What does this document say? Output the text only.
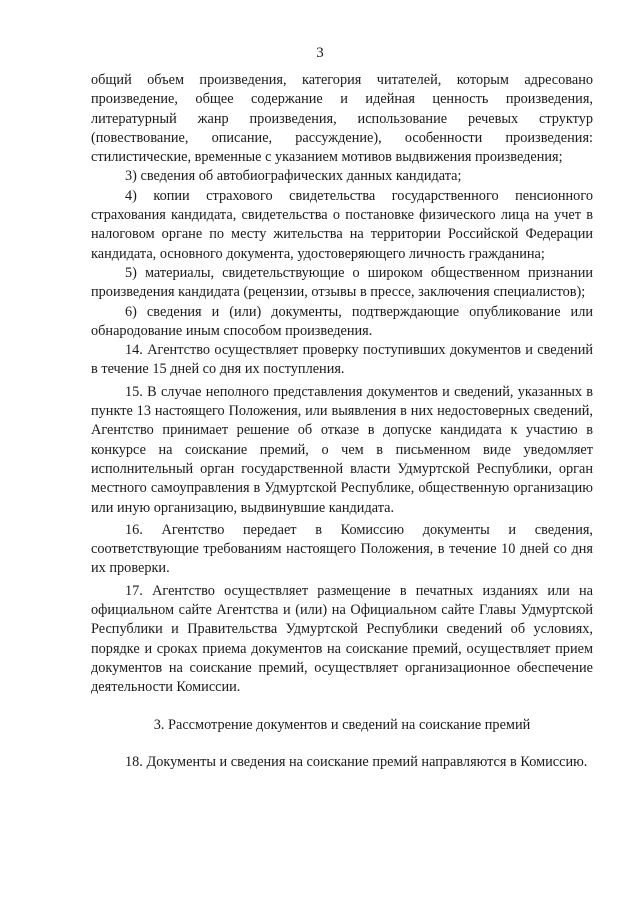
3

общий объем произведения, категория читателей, которым адресовано произведение, общее содержание и идейная ценность произведения, литературный жанр произведения, использование речевых структур (повествование, описание, рассуждение), особенности произведения: стилистические, временные с указанием мотивов выдвижения произведения;

3) сведения об автобиографических данных кандидата;

4) копии страхового свидетельства государственного пенсионного страхования кандидата, свидетельства о постановке физического лица на учет в налоговом органе по месту жительства на территории Российской Федерации кандидата, основного документа, удостоверяющего личность гражданина;

5) материалы, свидетельствующие о широком общественном признании произведения кандидата (рецензии, отзывы в прессе, заключения специалистов);

6) сведения и (или) документы, подтверждающие опубликование или обнародование иным способом произведения.

14. Агентство осуществляет проверку поступивших документов и сведений в течение 15 дней со дня их поступления.

15. В случае неполного представления документов и сведений, указанных в пункте 13 настоящего Положения, или выявления в них недостоверных сведений, Агентство принимает решение об отказе в допуске кандидата к участию в конкурсе на соискание премий, о чем в письменном виде уведомляет исполнительный орган государственной власти Удмуртской Республики, орган местного самоуправления в Удмуртской Республике, общественную организацию или иную организацию, выдвинувшие кандидата.

16. Агентство передает в Комиссию документы и сведения, соответствующие требованиям настоящего Положения, в течение 10 дней со дня их проверки.

17. Агентство осуществляет размещение в печатных изданиях или на официальном сайте Агентства и (или) на Официальном сайте Главы Удмуртской Республики и Правительства Удмуртской Республики сведений об условиях, порядке и сроках приема документов на соискание премий, осуществляет прием документов на соискание премий, осуществляет организационное обеспечение деятельности Комиссии.

3. Рассмотрение документов и сведений на соискание премий

18. Документы и сведения на соискание премий направляются в Комиссию.
